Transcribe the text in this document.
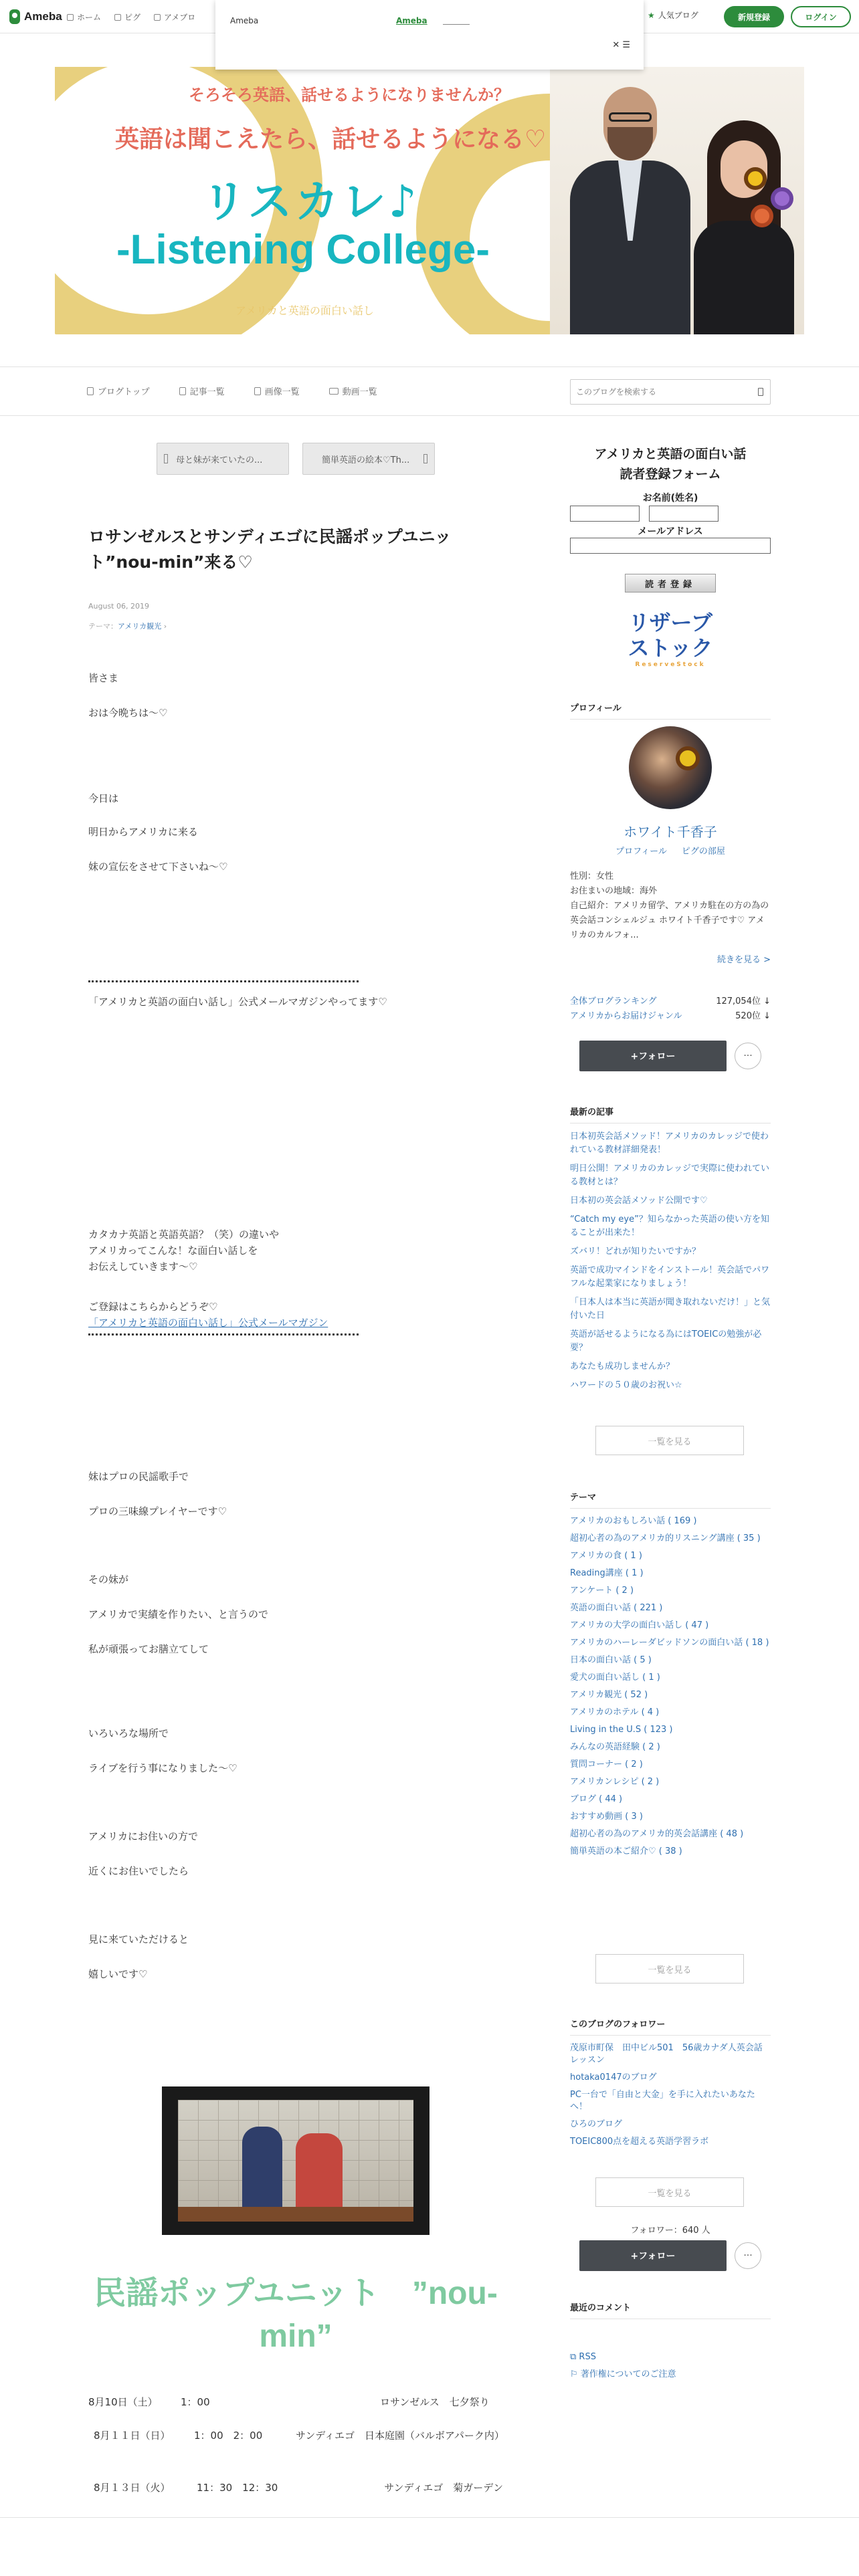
Ameba ホーム	ピグ	アメブロ	★ 人気ブログ	新規登録	ログイン
Ameba	Ameba
✕ ☰
そろそろ英語、話せるようになりませんか？
英語は聞こえたら、話せるようになる♡
リスカレ♪
-Listening College-
アメリカと英語の面白い話し
ブログトップ	記事一覧	画像一覧	動画一覧
このブログを検索する
母と妹が来ていたの...	簡単英語の絵本♡Th...
ロサンゼルスとサンディエゴに民謡ポップユニット”nou-min”来る♡
August 06, 2019
テーマ：アメリカ観光 ›
皆さま
おは今晩ちは〜♡
今日は
明日からアメリカに来る
妹の宣伝をさせて下さいね〜♡
「アメリカと英語の面白い話し」公式メールマガジンやってます♡
カタカナ英語と英語英語？（笑）の違いや
アメリカってこんな！な面白い話しを
お伝えしていきます〜♡
ご登録はこちらからどうぞ♡
「アメリカと英語の面白い話し」公式メールマガジン
妹はプロの民謡歌手で
プロの三味線プレイヤーです♡
その妹が
アメリカで実績を作りたい、と言うので
私が頑張ってお膳立てして
いろいろな場所で
ライブを行う事になりました〜♡
アメリカにお住いの方で
近くにお住いでしたら
見に来ていただけると
嬉しいです♡
民謡ポップユニット　”nou-min”
8月10日（土） 1：00	ロサンゼルス　七夕祭り
8月１１日（日） 1：00　2：00	サンディエゴ　日本庭園（バルボアパーク内）
8月１３日（火）	11：30　12：30	サンディエゴ　菊ガーデン
アメリカと英語の面白い話
読者登録フォーム
お名前(姓名)
メールアドレス
読者登録
リザーブ
ストック
ReserveStock
プロフィール
ホワイト千香子
プロフィール ピグの部屋
性別：女性
お住まいの地域：海外
自己紹介：アメリカ留学、アメリカ駐在の方の為の英会話コンシェルジュ ホワイト千香子です♡ アメリカのカルフォ...
続きを見る >
全体ブログランキング	127,054位 ↓
アメリカからお届けジャンル	520位 ↓
+フォロー	···
最新の記事
日本初英会話メソッド！アメリカのカレッジで使われている教材詳細発表！
明日公開！アメリカのカレッジで実際に使われている教材とは？
日本初の英会話メソッド公開です♡
“Catch my eye”？知らなかった英語の使い方を知ることが出来た！
ズバリ！どれが知りたいですか？
英語で成功マインドをインストール！英会話でパワフルな起業家になりましょう！
「日本人は本当に英語が聞き取れないだけ！」と気付いた日
英語が話せるようになる為にはTOEICの勉強が必要？
あなたも成功しませんか？
ハワードの５０歳のお祝い☆
一覧を見る
テーマ
アメリカのおもしろい話 ( 169 )
超初心者の為のアメリカ的リスニング講座 ( 35 )
アメリカの食 ( 1 )
Reading講座 ( 1 )
アンケート ( 2 )
英語の面白い話 ( 221 )
アメリカの大学の面白い話し ( 47 )
アメリカのハーレーダビッドソンの面白い話 ( 18 )
日本の面白い話 ( 5 )
愛犬の面白い話し ( 1 )
アメリカ観光 ( 52 )
アメリカのホテル ( 4 )
Living in the U.S ( 123 )
みんなの英語経験 ( 2 )
質問コーナー ( 2 )
アメリカンレシピ ( 2 )
ブログ ( 44 )
おすすめ動画 ( 3 )
超初心者の為のアメリカ的英会話講座 ( 48 )
簡単英語の本ご紹介♡ ( 38 )
一覧を見る
このブログのフォロワー
茂原市町保　田中ビル501　56歳カナダ人英会話レッスン
hotaka0147のブログ
PC一台で「自由と大金」を手に入れたいあなたへ！
ひろのブログ
TOEIC800点を超える英語学習ラボ
一覧を見る
フォロワー：640 人
+フォロー	···
最近のコメント
⧉ RSS
⚐ 著作権についてのご注意
